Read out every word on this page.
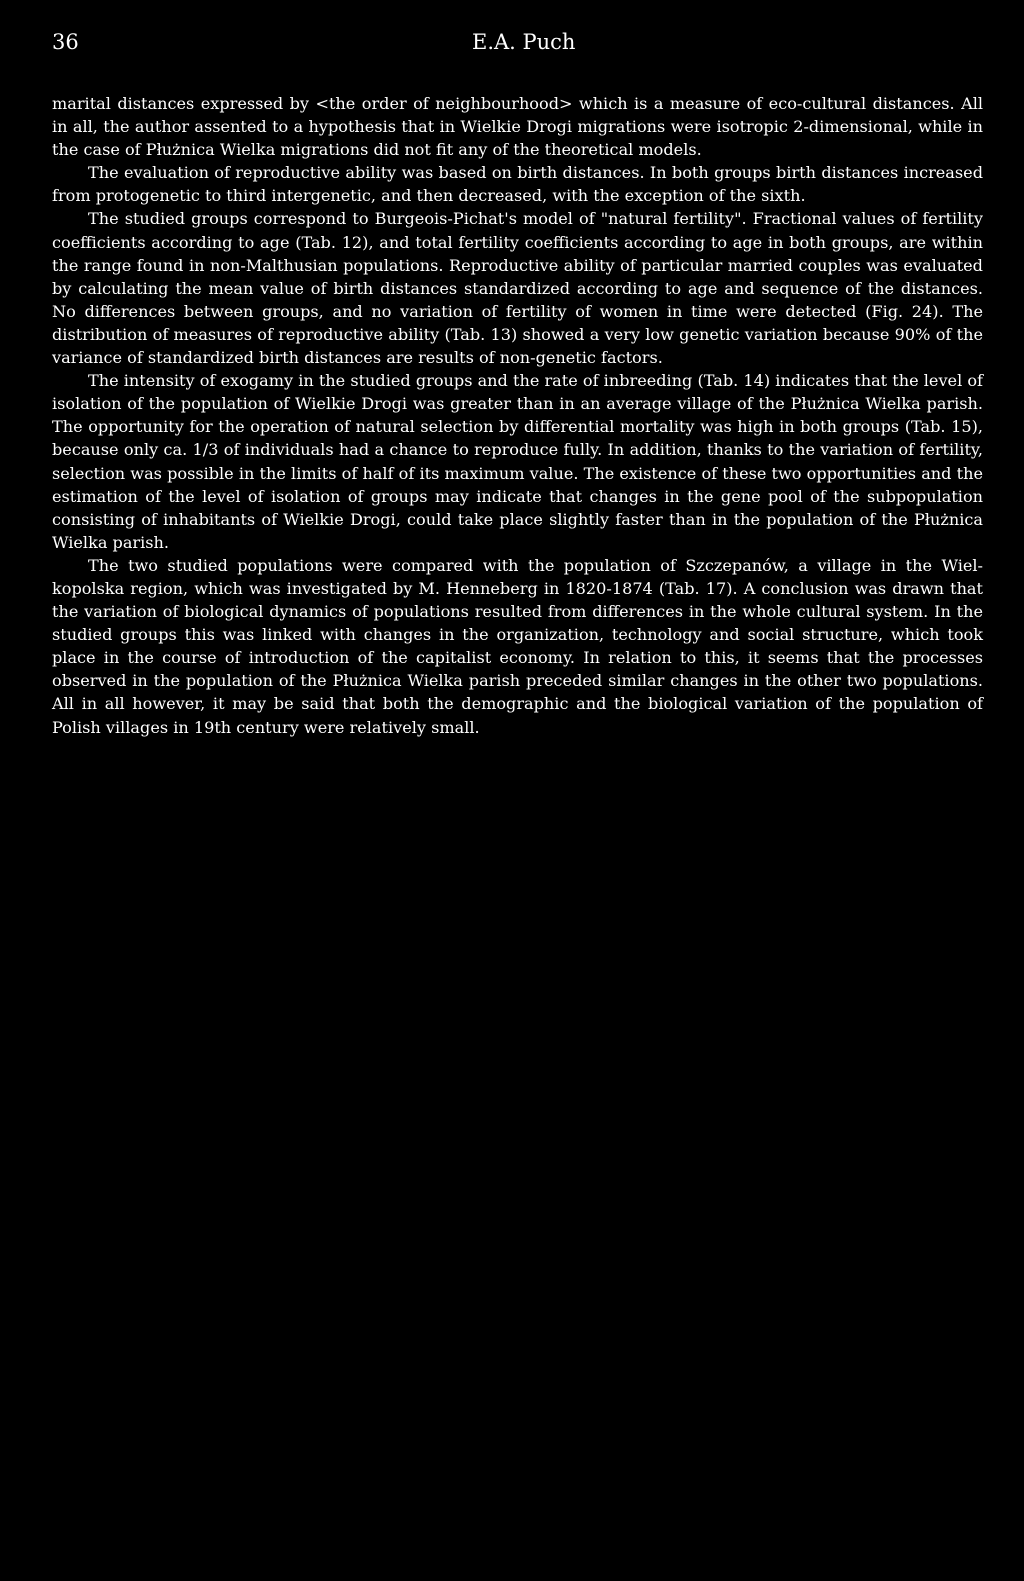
36	E.A. Puch

marital distances expressed by <the order of neighbourhood> which is a measure of eco-cultural distances. All in all, the author assented to a hypothesis that in Wielkie Drogi migrations were isotropic 2-dimensional, while in the case of Płużnica Wielka migrations did not fit any of the theoretical models.

The evaluation of reproductive ability was based on birth distances. In both groups birth distances increased from protogenetic to third intergenetic, and then decreased, with the exception of the sixth.

The studied groups correspond to Burgeois-Pichat's model of "natural fertility". Fractional values of fertility coefficients according to age (Tab. 12), and total fertility coefficients according to age in both groups, are within the range found in non-Malthusian populations. Reproductive ability of particular married couples was evaluated by calculating the mean value of birth distances standardized according to age and sequence of the distances. No differences between groups, and no variation of fertility of women in time were detected (Fig. 24). The distribution of measures of reproductive ability (Tab. 13) showed a very low genetic variation because 90% of the variance of standardized birth distances are results of non-genetic factors.

The intensity of exogamy in the studied groups and the rate of inbreeding (Tab. 14) indicates that the level of isolation of the population of Wielkie Drogi was greater than in an average village of the Płużnica Wielka parish. The opportunity for the operation of natural selection by differential mortality was high in both groups (Tab. 15), because only ca. 1/3 of individuals had a chance to reproduce fully. In addition, thanks to the variation of fertility, selection was possible in the limits of half of its maximum value. The existence of these two opportunities and the estimation of the level of isolation of groups may indicate that changes in the gene pool of the subpopulation consisting of inhabitants of Wielkie Drogi, could take place slightly faster than in the population of the Płużnica Wielka parish.

The two studied populations were compared with the population of Szczepanów, a village in the Wielkopolska region, which was investigated by M. Henneberg in 1820-1874 (Tab. 17). A conclusion was drawn that the variation of biological dynamics of populations resulted from differences in the whole cultural system. In the studied groups this was linked with changes in the organization, technology and social structure, which took place in the course of introduction of the capitalist economy. In relation to this, it seems that the processes observed in the population of the Płużnica Wielka parish preceded similar changes in the other two populations. All in all however, it may be said that both the demographic and the biological variation of the population of Polish villages in 19th century were relatively small.
